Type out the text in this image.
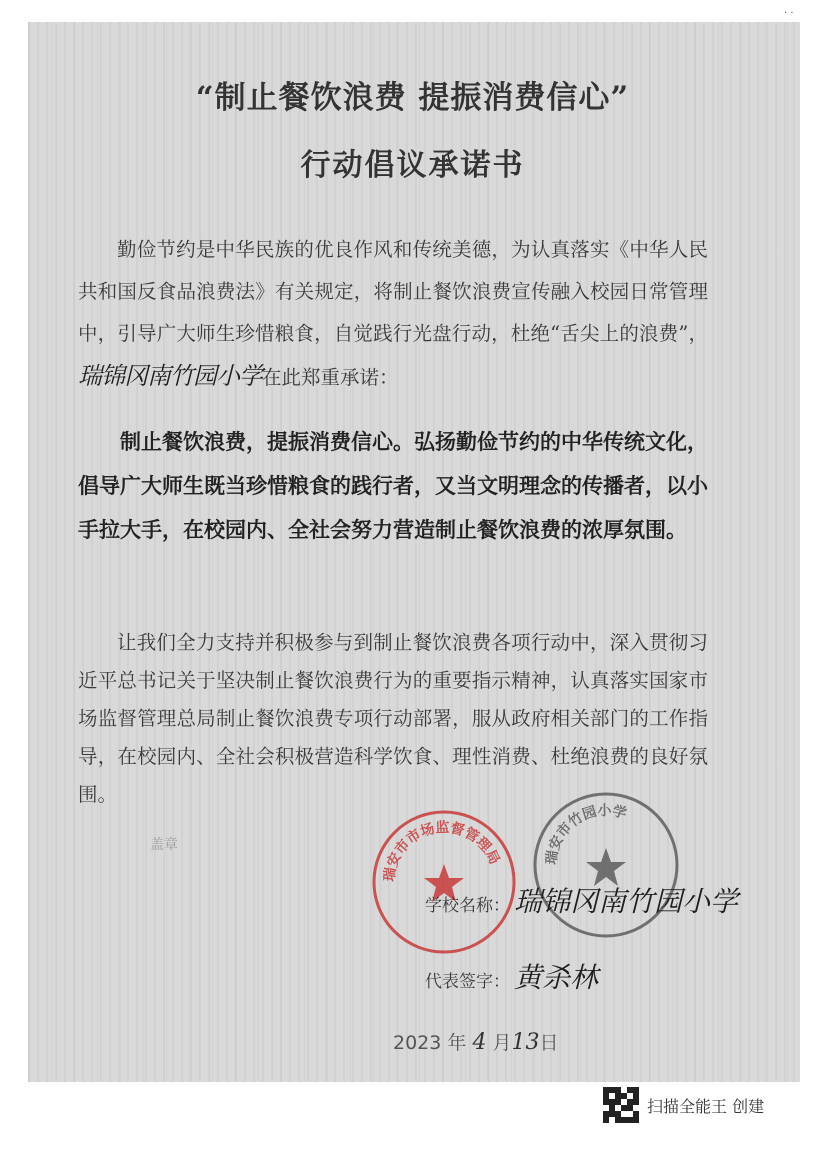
· ·
“制止餐饮浪费 提振消费信心”
行动倡议承诺书
勤俭节约是中华民族的优良作风和传统美德，为认真落实《中华人民共和国反食品浪费法》有关规定，将制止餐饮浪费宣传融入校园日常管理中，引导广大师生珍惜粮食，自觉践行光盘行动，杜绝“舌尖上的浪费”，瑞锦冈南竹园小学在此郑重承诺：
制止餐饮浪费，提振消费信心。弘扬勤俭节约的中华传统文化，倡导广大师生既当珍惜粮食的践行者，又当文明理念的传播者，以小手拉大手，在校园内、全社会努力营造制止餐饮浪费的浓厚氛围。
让我们全力支持并积极参与到制止餐饮浪费各项行动中，深入贯彻习近平总书记关于坚决制止餐饮浪费行为的重要指示精神，认真落实国家市场监督管理总局制止餐饮浪费专项行动部署，服从政府相关部门的工作指导，在校园内、全社会积极营造科学饮食、理性消费、杜绝浪费的良好氛围。
盖章
瑞安市市场监督管理局	瑞安市竹园小学
学校名称： 瑞锦冈南竹园小学
代表签字： 黄杀林
2023 年 4 月13日
扫描全能王 创建
